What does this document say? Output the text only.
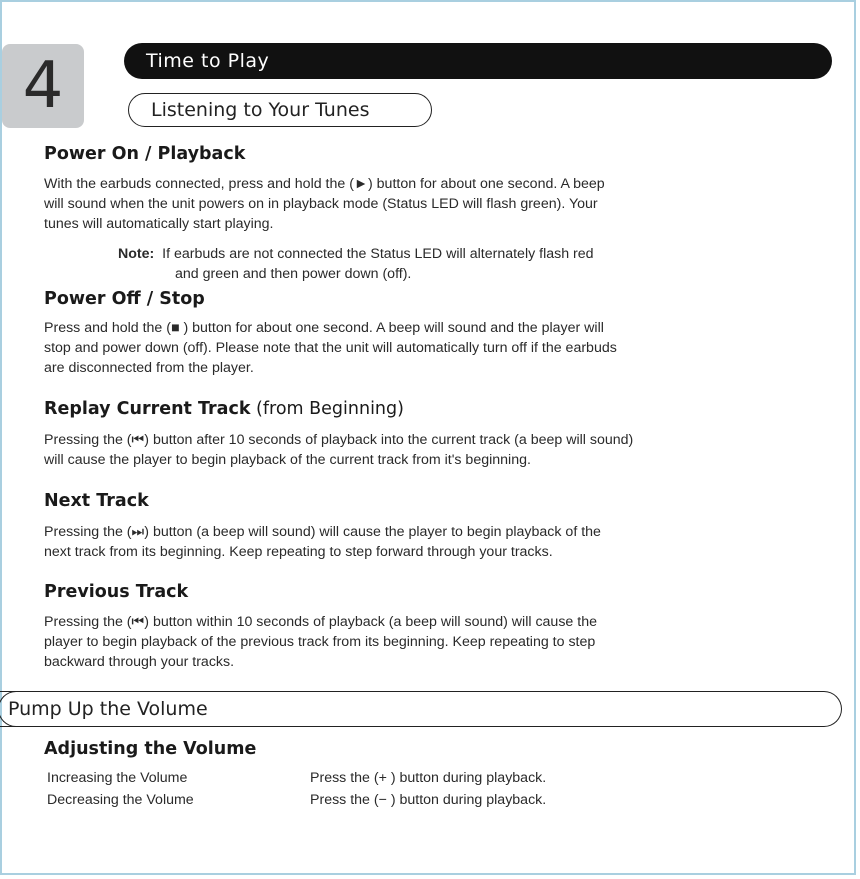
4	Time to Play
Listening to Your Tunes
Power On / Playback
With the earbuds connected, press and hold the (►) button for about one second. A beep
will sound when the unit powers on in playback mode (Status LED will flash green). Your
tunes will automatically start playing.
Note: If earbuds are not connected the Status LED will alternately flash red
and green and then power down (off).
Power Off / Stop
Press and hold the (■ ) button for about one second. A beep will sound and the player will
stop and power down (off). Please note that the unit will automatically turn off if the earbuds
are disconnected from the player.
Replay Current Track (from Beginning)
Pressing the (⏮) button after 10 seconds of playback into the current track (a beep will sound)
will cause the player to begin playback of the current track from it's beginning.
Next Track
Pressing the (⏭) button (a beep will sound) will cause the player to begin playback of the
next track from its beginning. Keep repeating to step forward through your tracks.
Previous Track
Pressing the (⏮) button within 10 seconds of playback (a beep will sound) will cause the
player to begin playback of the previous track from its beginning. Keep repeating to step
backward through your tracks.
Pump Up the Volume
Adjusting the Volume
Increasing the Volume	Press the (+ ) button during playback.
Decreasing the Volume	Press the (− ) button during playback.
